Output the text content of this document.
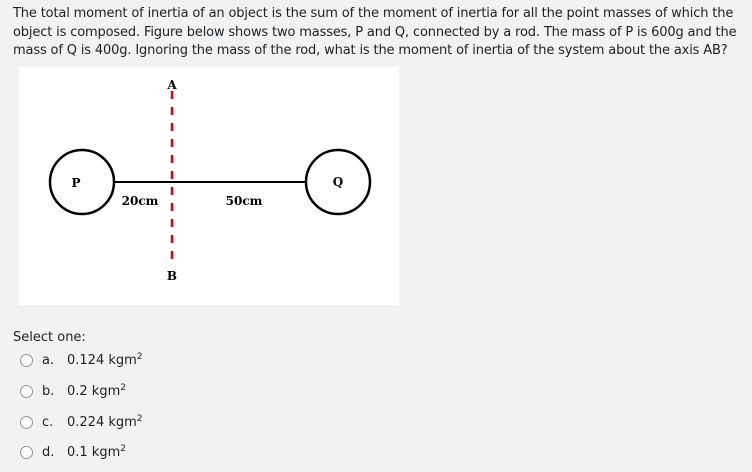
The total moment of inertia of an object is the sum of the moment of inertia for all the point masses of which the object is composed. Figure below shows two masses, P and Q, connected by a rod. The mass of P is 600g and the mass of Q is 400g. Ignoring the mass of the rod, what is the moment of inertia of the system about the axis AB?
A
B
P	Q
20cm	50cm
Select one:
a. 0.124 kgm$^2$
b. 0.2 kgm$^2$
c.	0.224 kgm$^2$
d. 0.1 kgm$^2$
